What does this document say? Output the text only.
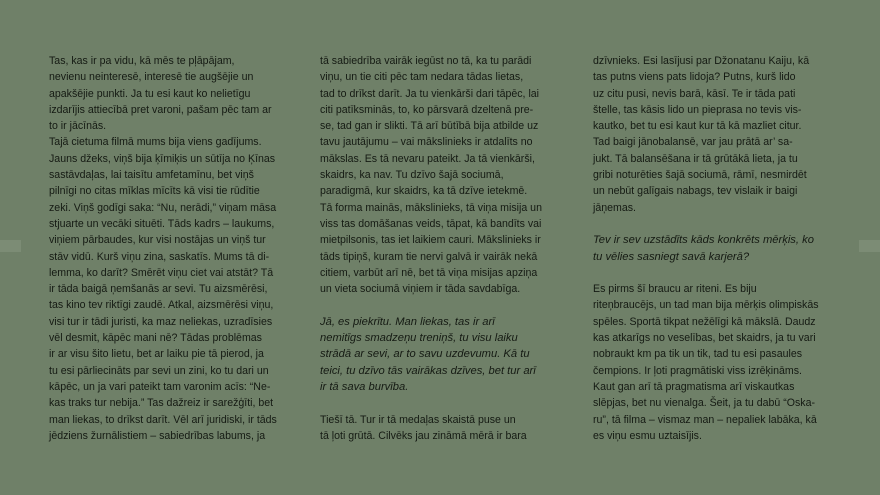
Tas, kas ir pa vidu, kā mēs te pļāpājam,

nevienu neinteresē, interesē tie augšējie un

apakšējie punkti. Ja tu esi kaut ko nelietīgu

izdarījis attiecībā pret varoni, pašam pēc tam ar

to ir jācīnās.

Tajā cietuma filmā mums bija viens gadījums.

Jauns džeks, viņš bija ķīmiķis un sūtīja no Ķīnas

sastāvdaļas, lai taisītu amfetamīnu, bet viņš

pilnīgi no citas mīklas mīcīts kā visi tie rūdītie

zeki. Viņš godīgi saka: “Nu, nerādi,” viņam māsa

stjuarte un vecāki situēti. Tāds kadrs – laukums,

viņiem pārbaudes, kur visi nostājas un viņš tur

stāv vidū. Kurš viņu zina, saskatīs. Mums tā di-

lemma, ko darīt? Smērēt viņu ciet vai atstāt? Tā

ir tāda baigā ņemšanās ar sevi. Tu aizsmērēsi,

tas kino tev riktīgi zaudē. Atkal, aizsmērēsi viņu,

visi tur ir tādi juristi, ka maz neliekas, uzradīsies

vēl desmit, kāpēc mani nē? Tādas problēmas

ir ar visu šito lietu, bet ar laiku pie tā pierod, ja

tu esi pārliecināts par sevi un zini, ko tu dari un

kāpēc, un ja vari pateikt tam varonim acīs: “Ne-

kas traks tur nebija.” Tas dažreiz ir sarežģīti, bet

man liekas, to drīkst darīt. Vēl arī juridiski, ir tāds

jēdziens žurnālistiem – sabiedrības labums, ja

tā sabiedrība vairāk iegūst no tā, ka tu parādi

viņu, un tie citi pēc tam nedara tādas lietas,

tad to drīkst darīt. Ja tu vienkārši dari tāpēc, lai

citi patīksminās, to, ko pārsvarā dzeltenā pre-

se, tad gan ir slikti. Tā arī būtībā bija atbilde uz

tavu jautājumu – vai mākslinieks ir atdalīts no

mākslas. Es tā nevaru pateikt. Ja tā vienkārši,

skaidrs, ka nav. Tu dzīvo šajā sociumā,

paradigmā, kur skaidrs, ka tā dzīve ietekmē.

Tā forma mainās, mākslinieks, tā viņa misija un

viss tas domāšanas veids, tāpat, kā bandīts vai

mietpilsonis, tas iet laikiem cauri. Mākslinieks ir

tāds tipiņš, kuram tie nervi galvā ir vairāk nekā

citiem, varbūt arī nē, bet tā viņa misijas apziņa

un vieta sociumā viņiem ir tāda savdabīga.

Jā, es piekrītu. Man liekas, tas ir arī

nemitīgs smadzeņu treniņš, tu visu laiku

strādā ar sevi, ar to savu uzdevumu. Kā tu

teici, tu dzīvo tās vairākas dzīves, bet tur arī

ir tā sava burvība.

Tiešī tā. Tur ir tā medaļas skaistā puse un

tā ļoti grūtā. Cilvēks jau zināmā mērā ir bara

dzīvnieks. Esi lasījusi par Džonatanu Kaiju, kā

tas putns viens pats lidoja? Putns, kurš lido

uz citu pusi, nevis barā, kāsī. Te ir tāda pati

štelle, tas kāsis lido un pieprasa no tevis vis-

kautko, bet tu esi kaut kur tā kā mazliet citur.

Tad baigi jānobalansē, var jau prātā ar’ sa-

jukt. Tā balansēšana ir tā grūtākā lieta, ja tu

gribi noturēties šajā sociumā, rāmī, nesmirdēt

un nebūt galīgais nabags, tev vislaik ir baigi

jāņemas.

Tev ir sev uzstādīts kāds konkrēts mērķis, ko

tu vēlies sasniegt savā karjerā?

Es pirms šī braucu ar riteni. Es biju

riteņbraucējs, un tad man bija mērķis olimpiskās

spēles. Sportā tikpat nežēlīgi kā mākslā. Daudz

kas atkarīgs no veselības, bet skaidrs, ja tu vari

nobraukt km pa tik un tik, tad tu esi pasaules

čempions. Ir ļoti pragmātiski viss izrēķināms.

Kaut gan arī tā pragmatisma arī viskautkas

slēpjas, bet nu vienalga. Šeit, ja tu dabū “Oska-

ru”, tā filma – vismaz man – nepaliek labāka, kā

es viņu esmu uztaisījis.
